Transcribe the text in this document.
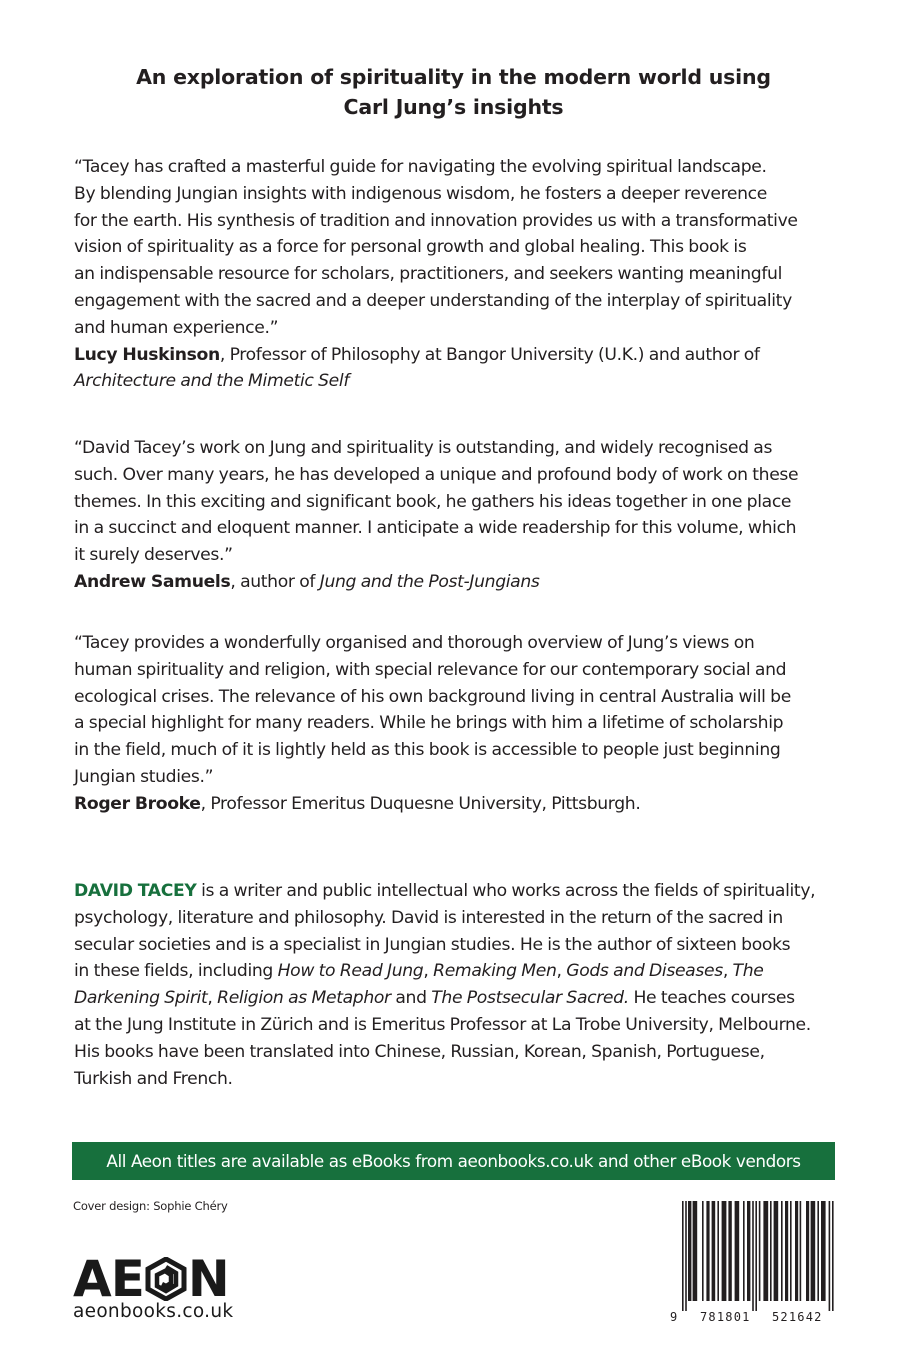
An exploration of spirituality in the modern world using
Carl Jung’s insights
“Tacey has crafted a masterful guide for navigating the evolving spiritual landscape.
By blending Jungian insights with indigenous wisdom, he fosters a deeper reverence
for the earth. His synthesis of tradition and innovation provides us with a transformative
vision of spirituality as a force for personal growth and global healing. This book is
an indispensable resource for scholars, practitioners, and seekers wanting meaningful
engagement with the sacred and a deeper understanding of the interplay of spirituality
and human experience.”
Lucy Huskinson, Professor of Philosophy at Bangor University (U.K.) and author of
Architecture and the Mimetic Self
“David Tacey’s work on Jung and spirituality is outstanding, and widely recognised as
such. Over many years, he has developed a unique and profound body of work on these
themes. In this exciting and significant book, he gathers his ideas together in one place
in a succinct and eloquent manner. I anticipate a wide readership for this volume, which
it surely deserves.”
Andrew Samuels, author of Jung and the Post-Jungians
“Tacey provides a wonderfully organised and thorough overview of Jung’s views on
human spirituality and religion, with special relevance for our contemporary social and
ecological crises. The relevance of his own background living in central Australia will be
a special highlight for many readers. While he brings with him a lifetime of scholarship
in the field, much of it is lightly held as this book is accessible to people just beginning
Jungian studies.”
Roger Brooke, Professor Emeritus Duquesne University, Pittsburgh.
DAVID TACEY is a writer and public intellectual who works across the fields of spirituality,
psychology, literature and philosophy. David is interested in the return of the sacred in
secular societies and is a specialist in Jungian studies. He is the author of sixteen books
in these fields, including How to Read Jung, Remaking Men, Gods and Diseases, The
Darkening Spirit, Religion as Metaphor and The Postsecular Sacred. He teaches courses
at the Jung Institute in Zürich and is Emeritus Professor at La Trobe University, Melbourne.
His books have been translated into Chinese, Russian, Korean, Spanish, Portuguese,
Turkish and French.
All Aeon titles are available as eBooks from aeonbooks.co.uk and other eBook vendors
Cover design: Sophie Chéry
A E N
aeonbooks.co.uk	9 781801 521642
